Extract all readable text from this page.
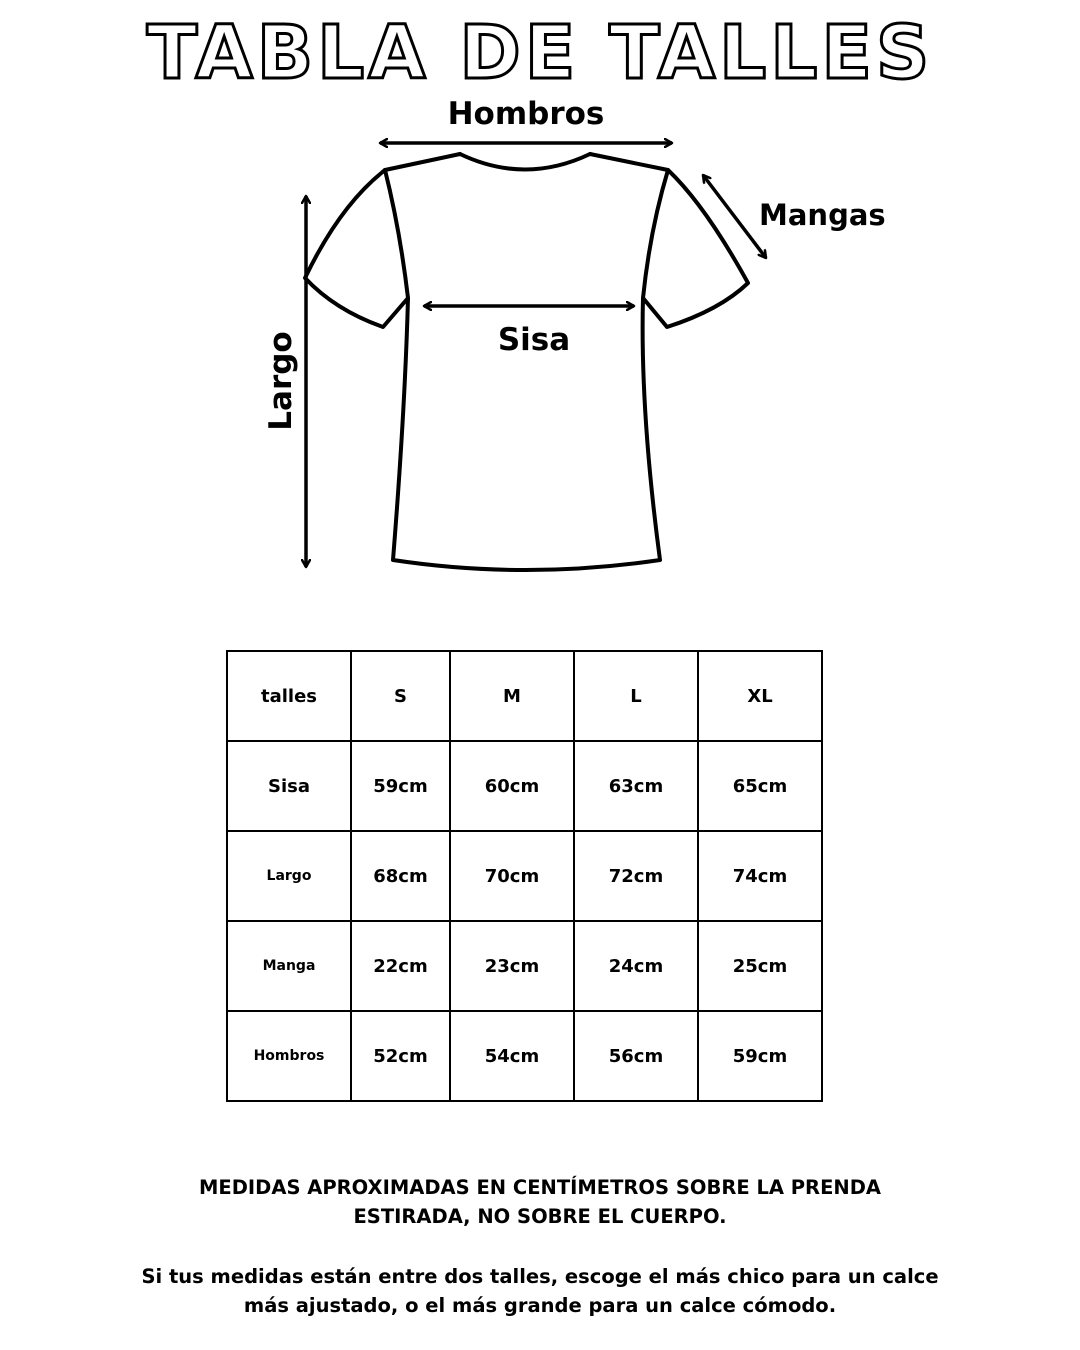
TABLA DE TALLES
Hombros
Mangas
Sisa
Largo
talles	S	M	L	XL
Sisa	59cm	60cm	63cm	65cm
Largo	68cm	70cm	72cm	74cm
Manga	22cm	23cm	24cm	25cm
Hombros	52cm	54cm	56cm	59cm
MEDIDAS APROXIMADAS EN CENTÍMETROS SOBRE LA PRENDA ESTIRADA, NO SOBRE EL CUERPO.
Si tus medidas están entre dos talles, escoge el más chico para un calce más ajustado, o el más grande para un calce cómodo.
